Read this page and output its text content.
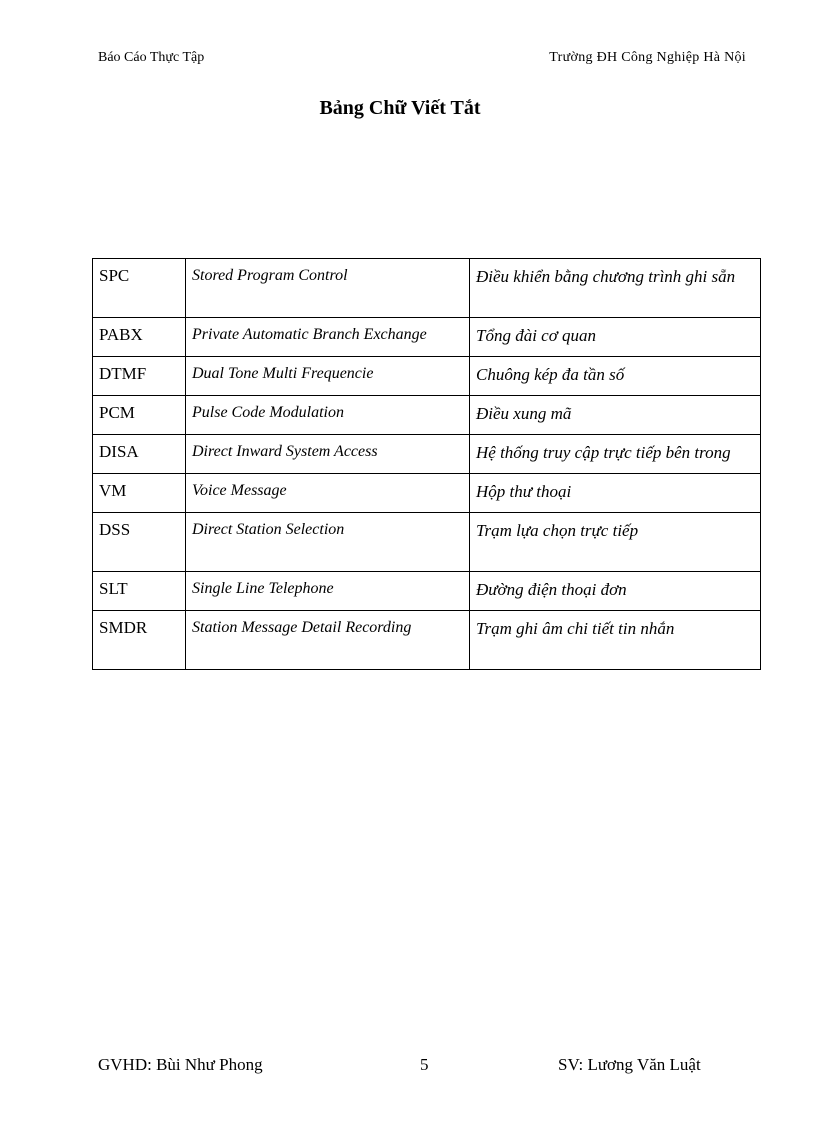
Báo Cáo Thực Tập	Trường ĐH Công Nghiệp Hà Nội
Bảng Chữ Viết Tắt
SPC	Stored Program Control	Điều khiển bằng chương trình ghi sẵn
PABX	Private Automatic Branch Exchange	Tổng đài cơ quan
DTMF	Dual Tone Multi Frequencie	Chuông kép đa tần số
PCM	Pulse Code Modulation	Điều xung mã
DISA	Direct Inward System Access	Hệ thống truy cập trực tiếp bên trong
VM	Voice Message	Hộp thư thoại
DSS	Direct Station Selection	Trạm lựa chọn trực tiếp
SLT	Single Line Telephone	Đường điện thoại đơn
SMDR	Station Message Detail Recording	Trạm ghi âm chi tiết tin nhắn
GVHD: Bùi Như Phong	5	SV: Lương Văn Luật
